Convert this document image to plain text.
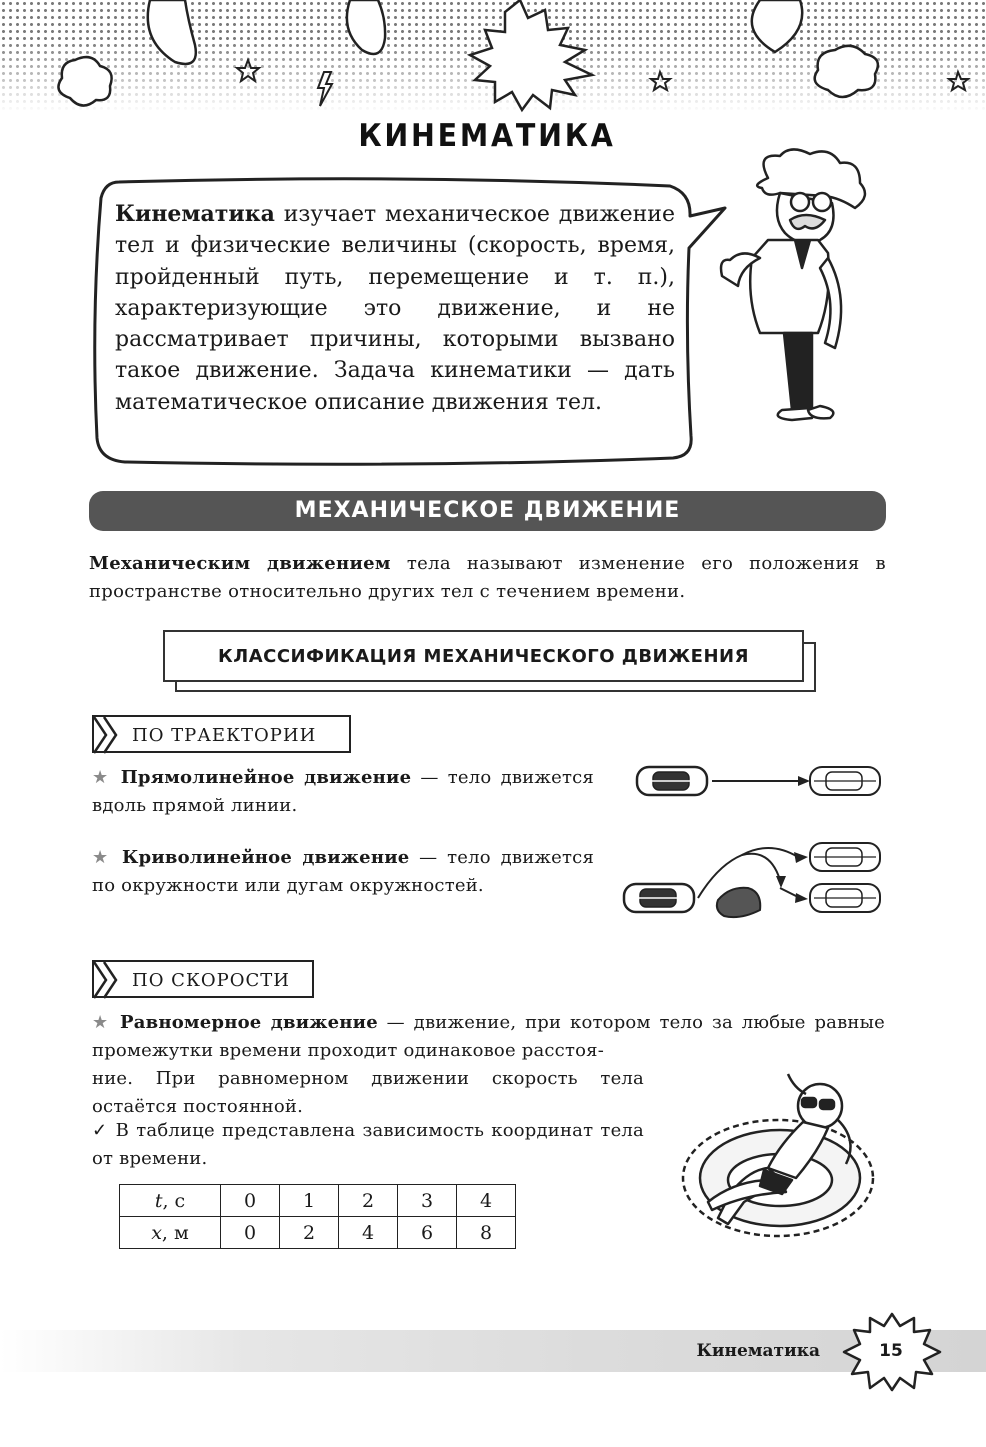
КИНЕМАТИКА
Кинематика изучает механическое движение тел и физические величины (скорость, время, пройденный путь, перемещение и т. п.), характеризующие это движение, и не рассматривает причины, которыми вызвано такое движение. Задача кинематики — дать математическое описание движения тел.
МЕХАНИЧЕСКОЕ ДВИЖЕНИЕ
Механическим движением тела называют изменение его положения в пространстве относительно других тел с течением времени.
КЛАССИФИКАЦИЯ МЕХАНИЧЕСКОГО ДВИЖЕНИЯ
ПО ТРАЕКТОРИИ
★ Прямолинейное движение — тело движется вдоль прямой линии.
★ Криволинейное движение — тело движется по окружности или дугам окружностей.
ПО СКОРОСТИ
★ Равномерное движение — движение, при котором тело за любые равные промежутки времени проходит одинаковое расстоя-
ние. При равномерном движении скорость тела остаётся постоянной.
✓ В таблице представлена зависимость координат тела от времени.
t, с	0	1	2	3	4
x, м	0	2	4	6	8
Кинематика	15
